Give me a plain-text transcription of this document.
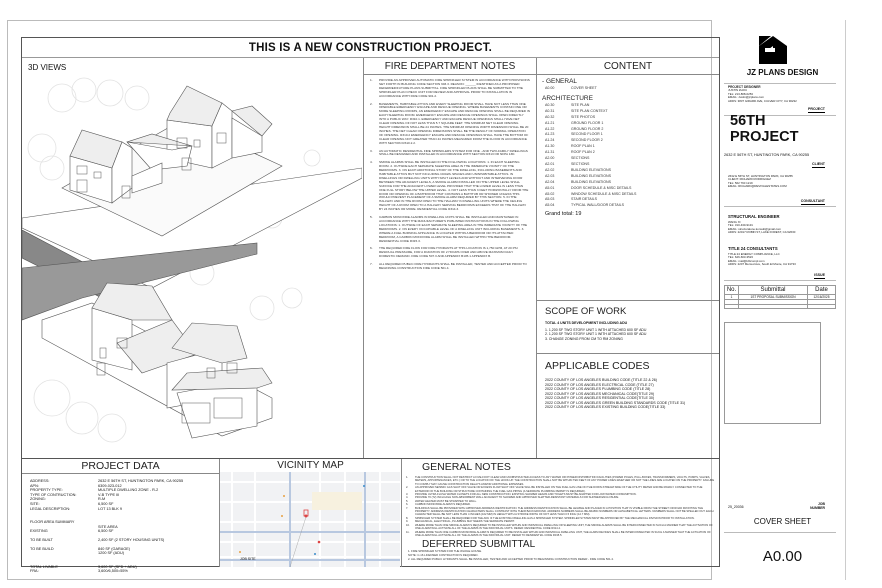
THIS IS A NEW CONSTRUCTION PROJECT.
3D VIEWS	FIRE DEPARTMENT NOTES
1.	PROVIDE AN APPROVED AUTOMATIC FIRE SPRINKLER SYSTEM IN ACCORDANCE WITH PROVISIONS SET FORTH IN BUILDING CODE SECTION 903.3. REASON: ______ IDENTIFIED AS A PROPOSED DEFERRED/FUTURE PLANS SUBMITTAL. FIRE SPRINKLER PLANS SHALL BE SUBMITTED TO THE SPRINKLER PLAN CHECK UNIT FOR REVIEW AND APPROVAL PRIOR TO INSTALLATION IN ACCORDANCE WITH FIRE CODE 901.2.
2.	BASEMENTS, HABITABLE ATTICS AND EVERY SLEEPING ROOM SHALL HAVE NOT LESS THAN ONE OPERABLE EMERGENCY ESCAPE AND RESCUE OPENING. WHERE BASEMENTS CONTAIN ONE OR MORE SLEEPING ROOMS, AN EMERGENCY ESCAPE AND RESCUE OPENING SHALL BE REQUIRED IN EACH SLEEPING ROOM. EMERGENCY ESCAPE AND RESCUE OPENINGS SHALL OPEN DIRECTLY INTO A PUBLIC WAY. R310.1. EMERGENCY AND ESCAPE RESCUE OPENINGS SHALL HAVE NET CLEAR OPENING OF NOT LESS THAN 5.7 SQUARE FEET. THE MINIMUM NET CLEAR OPENING HEIGHT DIMENSION SHALL BE 24 INCHES. THE MINIMUM OPENING WIDTH DIMENSION SHALL BE 20 INCHES. THE NET CLEAR OPENING DIMENSIONS SHALL BE THE RESULT OF NORMAL OPERATION OF OPENING. R310.2 EMERGENCY ESCAPE AND RESCUE OPENINGS SHALL HAVE THE BOTTOM OF CLEAR OPENING NOT GREATER THAN 44 INCHES MEASURED FROM THE FLOOR IN ACCORDANCE WITH SECTION R310.2.2.
3.	AN AUTOMATIC RESIDENTIAL FIRE SPRINKLERS SYSTEM FOR ONE - AND TWO-FAMILY DWELLINGS SHALL BE DESIGNED AND INSTALLED IN ACCORDANCE WITH SECTION R313 OR NFPA 13D.
4.	SMOKE ALARMS SHALL BE INSTALLED IN THE FOLLOWING LOCATIONS: 1. IN EACH SLEEPING ROOM. 2. OUTSIDE EACH SEPARATE SLEEPING AREA IN THE IMMEDIATE VICINITY OF THE BEDROOMS. 3. ON EACH ADDITIONAL STORY OF THE DWELLING, INCLUDING BASEMENTS AND HABITABLE ATTICS BUT NOT INCLUDING CRAWL SPACES AND UNINHABITABLE ATTICS. IN DWELLINGS OR DWELLING UNITS WITH SPLIT LEVELS AND WITHOUT AND INTERVENING DOOR BETWEEN THE ADJACENT LEVELS, A SMOKE ALARM INSTALLED ON THE UPPER LEVEL SHALL SUFFICE FOR THE ADJACENT LOWER LEVEL PROVIDED THAT THE LOWER LEVEL IS LESS THAN ONE FULL STORY BELOW THE UPPER LEVEL. 4. NOT LESS THAN 3 FEET HORIZONTALLY FROM THE DOOR OR OPENING OF A BATHROOM THAT CONTAINS A BATHTUB OR SHOWER UNLESS THIS WOULD PREVENT PLACEMENT OF A SMOKE ALARM REQUIRED BY THIS SECTION. 5. IN THE HALLWAY AND IN THE ROOM OPEN TO THE HALLWAY IN DWELLING UNITS WHERE THE CEILING HEIGHT OF A ROOM OPEN TO A HALLWAY SERVING BEDROOMS EXCEEDS THAT OF THE HALLWAY BY 24 INCHES OR MORE. RESIDENTIAL CODE R314.3.
5.	CARBON MONOXIDE ALARMS IN DWELLING UNITS SHALL BE INSTALLED AND MAINTAINED IN ACCORDANCE WITH THE MANUFACTURER'S PUBLISHED INSTRUCTIONS IN THE FOLLOWING LOCATIONS: 1. OUTSIDE OF EACH SEPARATE SLEEPING AREA IN THE IMMEDIATE VICINITY OF THE BEDROOMS. 2. ON EVERY OCCUPIABLE LEVEL OF A DWELLING UNIT INCLUDING BASEMENTS. 3. WHERE A FUEL BURNING APPLIANCE IS LOCATED WITHIN A BEDROOM OR ITS ATTACHED BEDROOM, A CARBON MONOXIDE ALARM SHALL BE INSTALLED WITHIN THE BEDROOM. RESIDENTIAL CODE R315.3.
6.	THE REQUIRED FIRE FLOW FOR FIRE HYDRANTS AT THIS LOCATION IS 1,750 GPM, AT 20 PSI RESIDUAL PRESSURE, FOR A DURATION OF 2 HOURS OVER AND ABOVE MAXIMUM DAILY DOMESTIC DEMAND. FIRE CODE 507.3 AND APPENDIX B105.1 APPENDIX B.
7.	ALL REQUIRED PUBLIC FIRE HYDRANTS SHALL BE INSTALLED, TESTED AND ACCEPTED PRIOR TO BEGINNING CONSTRUCTION FIRE CODE 501.4.
CONTENT
- GENERAL
A0.00	COVER SHEET
ARCHITECTURE
A0.30	SITE PLAN
A0.31	SITE PLAN CONTEXT
A0.32	SITE PHOTOS
A1.21	GROUND FLOOR 1
A1.22	GROUND FLOOR 2
A1.23	SECOND FLOOR 1
A1.24	SECOND FLOOR 2
A1.30	ROOF PLAN 1
A1.31	ROOF PLAN 2
A2.00	SECTIONS
A2.01	SECTIONS
A2.02	BUILDING ELEVATIONS
A2.03	BUILDING ELEVATIONS
A2.04	BUILDING ELEVATIONS
A5.01	DOOR SCHEDULE & MISC DETAILS
A5.02	WINDOW SCHEDULE & MISC DETAILS
A5.03	STAIR DETAILS
A5.04	TYPICAL WALL/DOOR DETAILS
Grand total: 19
SCOPE OF WORK
TOTAL 4 UNITS DEVELOPMENT INCLUDING ADU
1. 1,200 SF TWO STORY UNIT 1 WITH ATTACHED 600 SF ADU
2. 1,200 SF TWO STORY UNIT 1 WITH ATTACHED 600 SF ADU
3. CHANGE ZONING FROM CM TO RM ZONING
APPLICABLE CODES
2022 COUNTY OF LOS ANGELES BUILDING CODE (TITLE 22 & 26)
2022 COUNTY OF LOS ANGELES ELECTRICAL CODE (TITLE 27)
2022 COUNTY OF LOS ANGELES PLUMBING CODE (TITLE 28)
2022 COUNTY OF LOS ANGELES MECHANICAL CODE(TITLE 29)
2022 COUNTY OF LOS ANGELES RESIDENTIAL CODE(TITLE 30)
2022 COUNTY OF LOS ANGELES GREEN BUILDING STANDARDS CODE (TITLE 31)
2022 COUNTY OF LOS ANGELES EXISTING BUILDING CODE(TITLE 33)
PROJECT DATA
ADDRESS:	2632 E 56TH ST, HUNTINGTON PARK, CA 90255
APN:	6309-023-012
PROPERTY TYPE:	MULTIPLE DWELLING ZONE - R-2
TYPE OF CONTRUCTION:	V-B TYPE III
ZONING:	R-M
SITE:	6,500 SF
LEGAL DESCRIPTION:	LOT 13 BLK 9
FLOOR AREA SUMMARY
SITE AREA
EXISTING	6,500 SF
TO BE BUILT	2,400 SF (2 STORY HOUSING UNITS)
TO BE BUILD	840 SF (GARAGE)
1200 SF (ADU)
TOTAL LIVABLE	3,600 SF (SFD + ADU)
FRA:	3,600/6,500=55%
VICINITY MAP
JOB SITE
GENERAL NOTES
1.	THE CONSTRUCTION SHALL NOT RESTRICT A FIVE-FOOT CLEAR AND UNOBSTRUCTED ACCESS TO ANY WATER OR POWER DISTRIBUTION FACILITIES (POWER POLES, PULL-BOXES, TRANSFORMERS, VAULTS, PUMPS, VALVES, METERS, APPURTENANCES, ETC.) OR TO THE LOCATION OF THE HOOK-UP. THE CONSTRUCTION SHALL NOT BE WITHIN TEN FEET OF ANY POWER LINES-WHETHER OR NOT THE LINES ARE LOCATED ON THE PROPERTY. FAILURE TO COMPLY MAY CAUSE CONSTRUCTION DELAYS AND/OR ADDITIONAL EXPENSES.
2.	AN APPROVED SEISMIC GAS SHUT OFF VALVE OR EXCESS FLOW SHUT OFF VALVE WILL BE INSTALLED ON THE FUEL GAS LINE ON THE DOWN-STREAM SIDE OF THE UTILITY METER AND BE RIGIDLY CONNECTED TO THE EXTERIOR OF THE BUILDING OR STRUCTURE CONTAINING THE FUEL GAS PIPING (A SEPARATE PLUMBING PERMIT IS REQUIRED).
3.	PROVIDE ULTRA FLUSH WATER CLOSETS FOR ALL NEW CONSTRUCTION. EXISTING SHOWER HEADS AND TOILETS MUST BE ADAPTED FOR LOW WATER CONSUMPTION.
4.	PROVIDE 70 (72) INCH HIGH NON-ABSORBENT WALL ADJACENT TO SHOWER AND APPROVED SHATTER-RESISTANT MATERIALS FOR SHOWER ENCLOSURE.
5.	WATER HEATER MUST BE STRAPPED TO WALL.
6.	CARBON MONOXIDE ALARM IS REQUIRED.
7.	BUILDINGS SHALL BE PROVIDED WITH APPROVED ADDRESS IDENTIFICATION. THE ADDRESS IDENTIFICATION SHALL BE LEGIBLE AND PLACED IN A POSITION THAT IS VISIBLE FROM THE STREET OR ROAD FRONTING THE PROPERTY. ADDRESS IDENTIFICATION CHARACTERS SHALL CONTRAST WITH THEIR BACKGROUND. ADDRESS NUMBERS SHALL BE ARABIC NUMBERS OR ALPHABETICAL LETTERS. NUMBERS SHALL NOT BE SPELLED OUT. EACH CHARACTER SHALL BE NOT LESS THAN 4 INCHES (102 MM) IN HEIGHT WITH A STROKE WIDTH OF NOT LESS THAN 0.5 INCH (12.7 MM).
8.	SPRINKLER SYSTEM SHALL BE REQUIRED FOR THE ADU IF THE EXISTING DWELLING HAS A SPRINKLER SYSTEM. SPRINKLER SYSTEM MUST BE APPROVED BY THE MECHANICAL DIVISION PRIOR TO INSTALLATION.
9.	MECHANICAL, ELECTRICAL, PLUMBING MAY NEEDS THE SEPARATE PERMIT.
10.	WHERE MORE THAN ONE SMOKE ALARM IS REQUIRED TO BE INSTALLED WITHIN AND INDIVIDUAL DWELLING OR SLEEPING UNIT, THE SMOKE ALARMS SHALL BE INTERCONNECTED IN SUCH A MANNER THAT THE ACTIVATION OF ONE ALARM WILL ACTIVATE ALL OF THE ALARMS IN THE INDIVIDUAL UNITS. REFER: RESIDENTIAL CODE R314.4.
11.	WHERE MORE THAN ONE CARBON MONOXIDE ALARM IS REQUIRED TO BE INSTALLED WITHIN AND INDIVIDUAL DWELLING UNIT, THE ALARM DEVICES SHALL BE INTERCONNECTED IN SUCH A MANNER THAT THE ACTUATION OF ONE ALARM WILL ACTIVATE ALL OF THE ALARMS IN THE INDIVIDUAL UNIT. REFER TO RESIDENTIAL CODE R315.5.
DEFERRED SUBMITTAL
1. FIRE SPRINKLER SYSTEM FOR THE WHOLE HOUSE.
NOTE: C-16 LICENSED CONTRACTOR IS REQUIRED.
2. ALL REQUIRED PUBLIC HYDRANTS SHALL BE INSTALLED, TESTED AND ACCEPTED PRIOR TO BEGINNING CONSTRUCTION REFER - FIRE CODE 501.4.
JZ PLANS DESIGN
PROJECT DESIGNER
JUSTIN ZHOU
TEL: 213-808-0253
EMAIL: Justin@jzplans.com
ADDS: 3837 GIRARD AVE, CULVER CITY, CA 90232
PROJECT
56TH
PROJECT
2632 E 56TH ST, HUNTINGTON PARK, CA 90255
CLIENT
2632 E 56TH ST, HUNTINGTON PARK, CA 90255
CLIENT: RICHARD RODRIGUEZ
TEL: 562 760 1219
EMAIL: RICHARD@REVIVALESTATES.COM
CONSULTANT
STRUCTURAL ENGINEER
WANG XI
TEL: 310-430-9131
EMAIL: structuralone.konsult@gmail.com
ADDS: 22017 ROBIN ST, LAKE FOREST, CA 92630
TITLE 24 CONSULTANTS
TITLE 24 ENERGY COMPLIANCE, LLC
TEL: 626-603-3523
EMAIL: mail@t24compl.com
ADDS: 2207 Merced Ave, South El Monte, CA 91733
ISSUE
No.	Submittal	Date
1	1ST PROPOSAL SUBMISSION	12/16/2025

25_20036
JOB
NUMBER
COVER SHEET
A0.00
